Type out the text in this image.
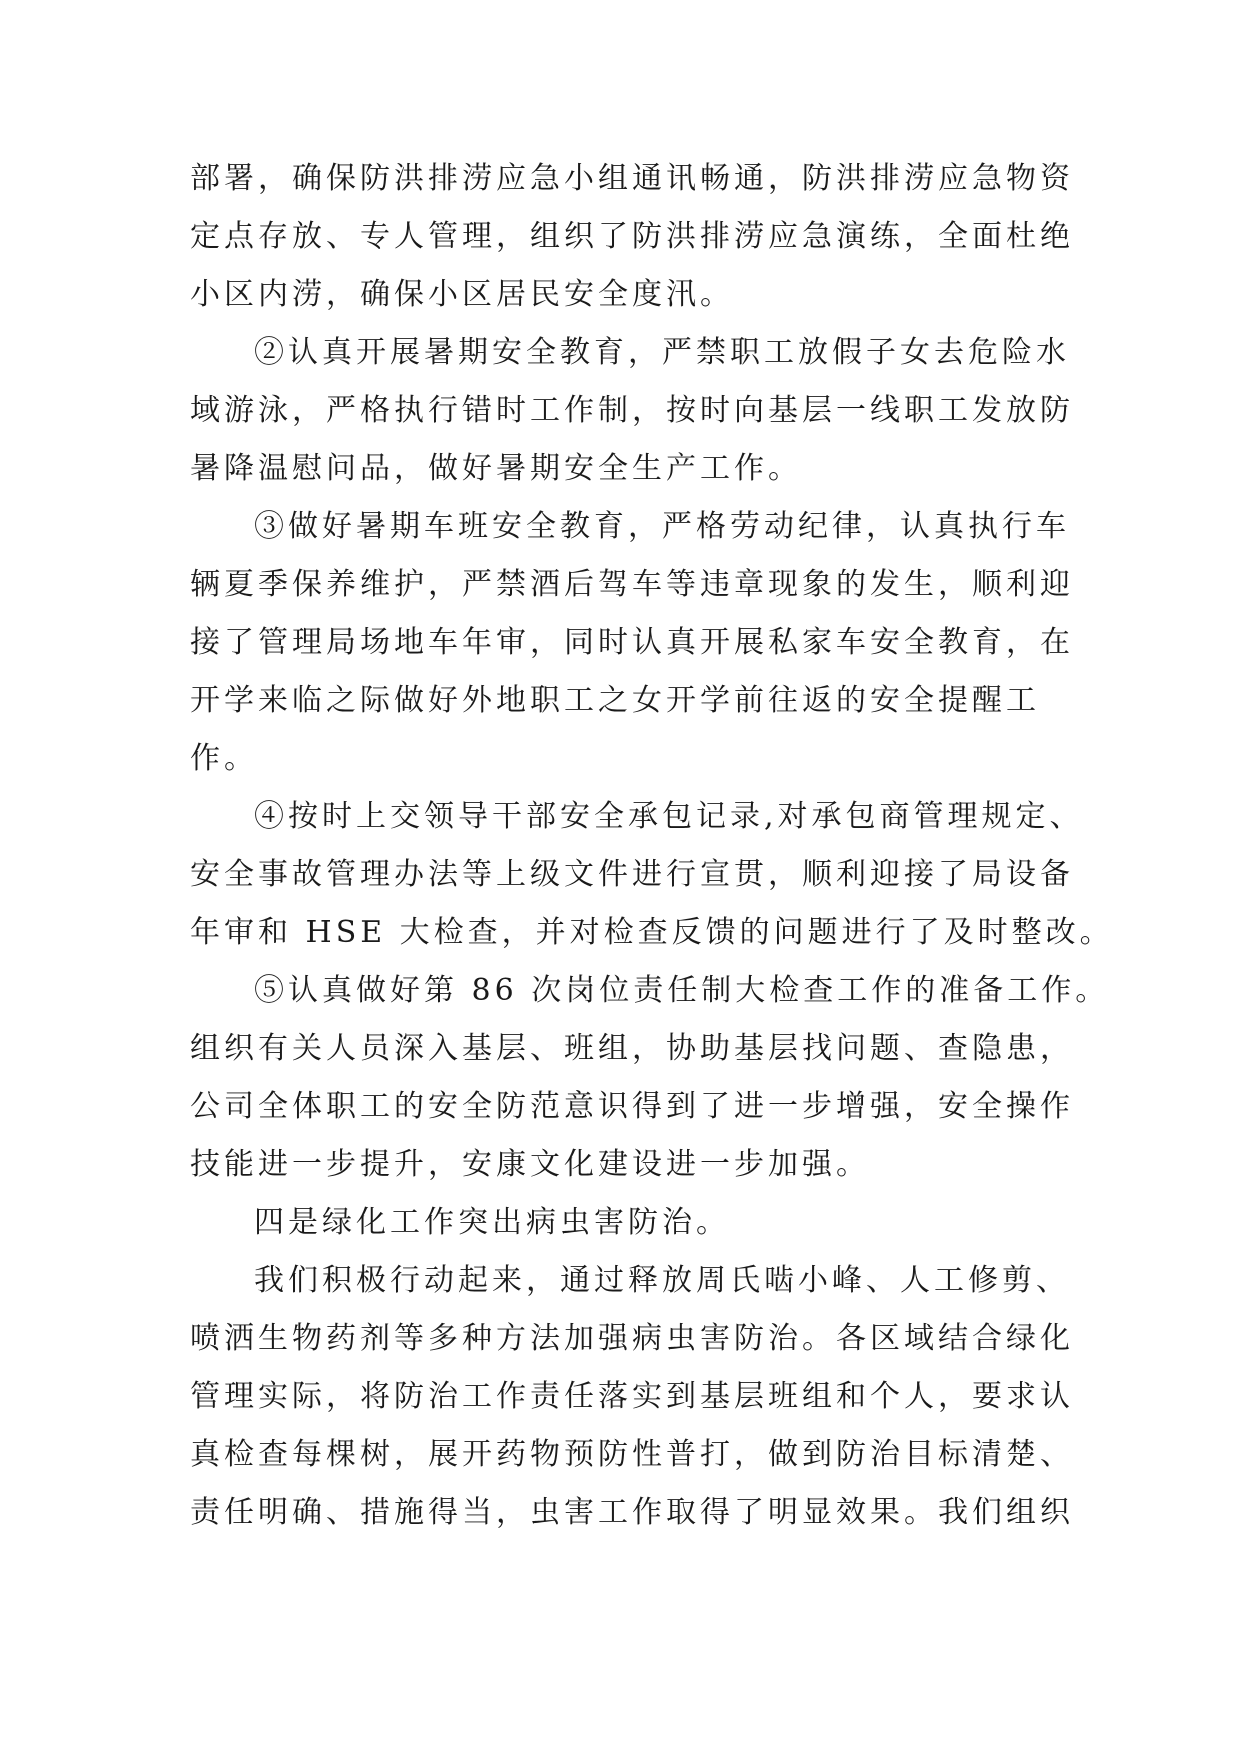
部署，确保防洪排涝应急小组通讯畅通，防洪排涝应急物资
定点存放、专人管理，组织了防洪排涝应急演练，全面杜绝
小区内涝，确保小区居民安全度汛。

②认真开展暑期安全教育，严禁职工放假子女去危险水
域游泳，严格执行错时工作制，按时向基层一线职工发放防
暑降温慰问品，做好暑期安全生产工作。

③做好暑期车班安全教育，严格劳动纪律，认真执行车
辆夏季保养维护，严禁酒后驾车等违章现象的发生，顺利迎
接了管理局场地车年审，同时认真开展私家车安全教育，在
开学来临之际做好外地职工之女开学前往返的安全提醒工
作。

④按时上交领导干部安全承包记录,对承包商管理规定、
安全事故管理办法等上级文件进行宣贯，顺利迎接了局设备
年审和 HSE 大检查，并对检查反馈的问题进行了及时整改。

⑤认真做好第 86 次岗位责任制大检查工作的准备工作。
组织有关人员深入基层、班组，协助基层找问题、查隐患，
公司全体职工的安全防范意识得到了进一步增强，安全操作
技能进一步提升，安康文化建设进一步加强。

四是绿化工作突出病虫害防治。

我们积极行动起来，通过释放周氏啮小峰、人工修剪、
喷洒生物药剂等多种方法加强病虫害防治。各区域结合绿化
管理实际，将防治工作责任落实到基层班组和个人，要求认
真检查每棵树，展开药物预防性普打，做到防治目标清楚、
责任明确、措施得当，虫害工作取得了明显效果。我们组织
